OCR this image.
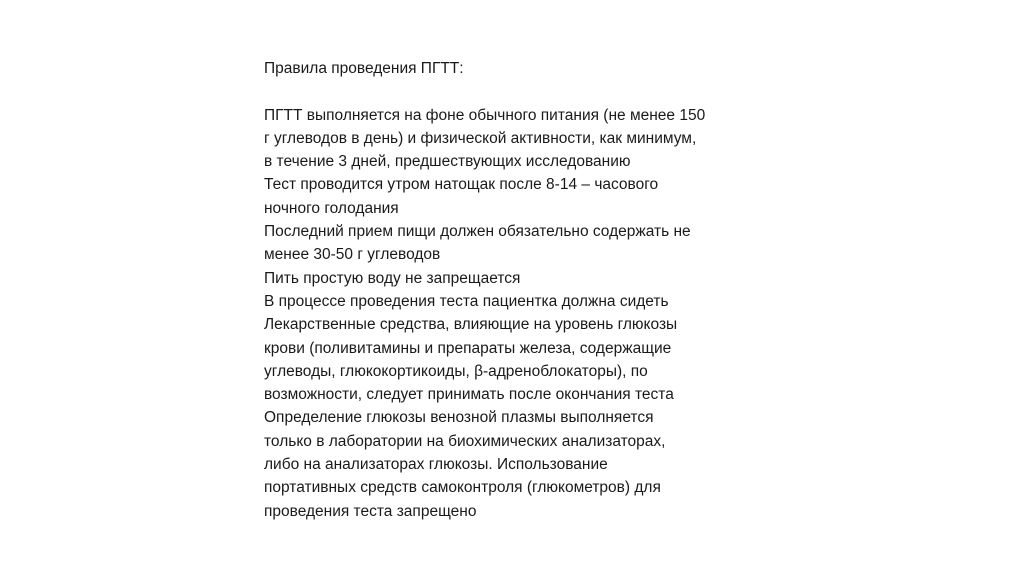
Правила проведения ПГТТ:

ПГТТ выполняется на фоне обычного питания (не менее 150
г углеводов в день) и физической активности, как минимум,
в течение 3 дней, предшествующих исследованию

Тест проводится утром натощак после 8-14 – часового
ночного голодания

Последний прием пищи должен обязательно содержать не
менее 30-50 г углеводов

Пить простую воду не запрещается

В процессе проведения теста пациентка должна сидеть

Лекарственные средства, влияющие на уровень глюкозы
крови (поливитамины и препараты железа, содержащие
углеводы, глюкокортикоиды, β-адреноблокаторы), по
возможности, следует принимать после окончания теста

Определение глюкозы венозной плазмы выполняется
только в лаборатории на биохимических анализаторах,
либо на анализаторах глюкозы. Использование
портативных средств самоконтроля (глюкометров) для
проведения теста запрещено
